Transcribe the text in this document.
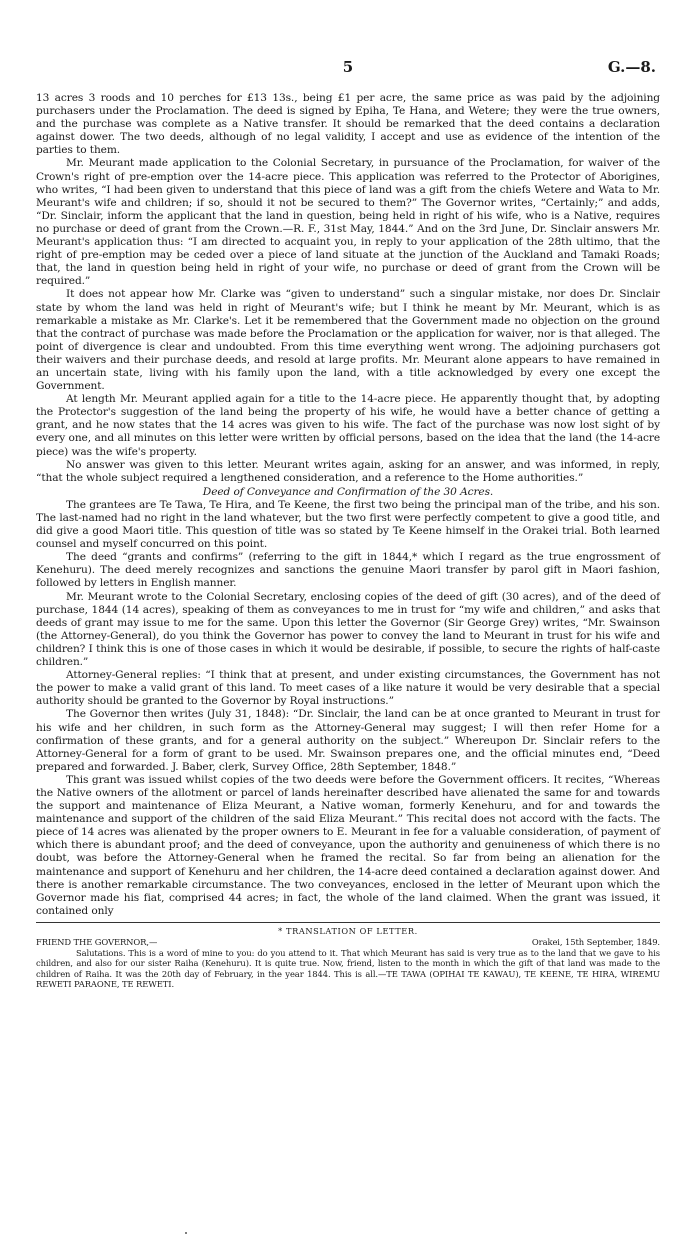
5	G.—8.

13 acres 3 roods and 10 perches for £13 13s., being £1 per acre, the same price as was paid by the adjoining purchasers under the Proclamation. The deed is signed by Epiha, Te Hana, and Wetere; they were the true owners, and the purchase was complete as a Native transfer. It should be remarked that the deed contains a declaration against dower. The two deeds, although of no legal validity, I accept and use as evidence of the intention of the parties to them.

Mr. Meurant made application to the Colonial Secretary, in pursuance of the Proclamation, for waiver of the Crown's right of pre-emption over the 14-acre piece. This application was referred to the Protector of Aborigines, who writes, “I had been given to understand that this piece of land was a gift from the chiefs Wetere and Wata to Mr. Meurant's wife and children; if so, should it not be secured to them?” The Governor writes, “Certainly;” and adds, “Dr. Sinclair, inform the applicant that the land in question, being held in right of his wife, who is a Native, requires no purchase or deed of grant from the Crown.—R. F., 31st May, 1844.” And on the 3rd June, Dr. Sinclair answers Mr. Meurant's application thus: “I am directed to acquaint you, in reply to your application of the 28th ultimo, that the right of pre-emption may be ceded over a piece of land situate at the junction of the Auckland and Tamaki Roads; that, the land in question being held in right of your wife, no purchase or deed of grant from the Crown will be required.”

It does not appear how Mr. Clarke was “given to understand” such a singular mistake, nor does Dr. Sinclair state by whom the land was held in right of Meurant's wife; but I think he meant by Mr. Meurant, which is as remarkable a mistake as Mr. Clarke's. Let it be remembered that the Government made no objection on the ground that the contract of purchase was made before the Proclamation or the application for waiver, nor is that alleged. The point of divergence is clear and undoubted. From this time everything went wrong. The adjoining purchasers got their waivers and their purchase deeds, and resold at large profits. Mr. Meurant alone appears to have remained in an uncertain state, living with his family upon the land, with a title acknowledged by every one except the Government.

At length Mr. Meurant applied again for a title to the 14-acre piece. He apparently thought that, by adopting the Protector's suggestion of the land being the property of his wife, he would have a better chance of getting a grant, and he now states that the 14 acres was given to his wife. The fact of the purchase was now lost sight of by every one, and all minutes on this letter were written by official persons, based on the idea that the land (the 14-acre piece) was the wife's property.

No answer was given to this letter. Meurant writes again, asking for an answer, and was informed, in reply, “that the whole subject required a lengthened consideration, and a reference to the Home authorities.”

Deed of Conveyance and Confirmation of the 30 Acres.

The grantees are Te Tawa, Te Hira, and Te Keene, the first two being the principal man of the tribe, and his son. The last-named had no right in the land whatever, but the two first were perfectly competent to give a good title, and did give a good Maori title. This question of title was so stated by Te Keene himself in the Orakei trial. Both learned counsel and myself concurred on this point.

The deed “grants and confirms” (referring to the gift in 1844,* which I regard as the true engrossment of Kenehuru). The deed merely recognizes and sanctions the genuine Maori transfer by parol gift in Maori fashion, followed by letters in English manner.

Mr. Meurant wrote to the Colonial Secretary, enclosing copies of the deed of gift (30 acres), and of the deed of purchase, 1844 (14 acres), speaking of them as conveyances to me in trust for “my wife and children,” and asks that deeds of grant may issue to me for the same. Upon this letter the Governor (Sir George Grey) writes, “Mr. Swainson (the Attorney-General), do you think the Governor has power to convey the land to Meurant in trust for his wife and children? I think this is one of those cases in which it would be desirable, if possible, to secure the rights of half-caste children.”

Attorney-General replies: “I think that at present, and under existing circumstances, the Government has not the power to make a valid grant of this land. To meet cases of a like nature it would be very desirable that a special authority should be granted to the Governor by Royal instructions.”

The Governor then writes (July 31, 1848): “Dr. Sinclair, the land can be at once granted to Meurant in trust for his wife and her children, in such form as the Attorney-General may suggest; I will then refer Home for a confirmation of these grants, and for a general authority on the subject.” Whereupon Dr. Sinclair refers to the Attorney-General for a form of grant to be used. Mr. Swainson prepares one, and the official minutes end, “Deed prepared and forwarded. J. Baber, clerk, Survey Office, 28th September, 1848.”

This grant was issued whilst copies of the two deeds were before the Government officers. It recites, “Whereas the Native owners of the allotment or parcel of lands hereinafter described have alienated the same for and towards the support and maintenance of Eliza Meurant, a Native woman, formerly Kenehuru, and for and towards the maintenance and support of the children of the said Eliza Meurant.” This recital does not accord with the facts. The piece of 14 acres was alienated by the proper owners to E. Meurant in fee for a valuable consideration, of payment of which there is abundant proof; and the deed of conveyance, upon the authority and genuineness of which there is no doubt, was before the Attorney-General when he framed the recital. So far from being an alienation for the maintenance and support of Kenehuru and her children, the 14-acre deed contained a declaration against dower. And there is another remarkable circumstance. The two conveyances, enclosed in the letter of Meurant upon which the Governor made his fiat, comprised 44 acres; in fact, the whole of the land claimed. When the grant was issued, it contained only

* TRANSLATION OF LETTER.
FRIEND THE GOVERNOR,—	Orakei, 15th September, 1849.
Salutations. This is a word of mine to you: do you attend to it. That which Meurant has said is very true as to the land that we gave to his children, and also for our sister Raiha (Kenehuru). It is quite true. Now, friend, listen to the month in which the gift of that land was made to the children of Raiha. It was the 20th day of February, in the year 1844. This is all.—TE TAWA (OPIHAI TE KAWAU), TE KEENE, TE HIRA, WIREMU REWETI PARAONE, TE REWETI.
